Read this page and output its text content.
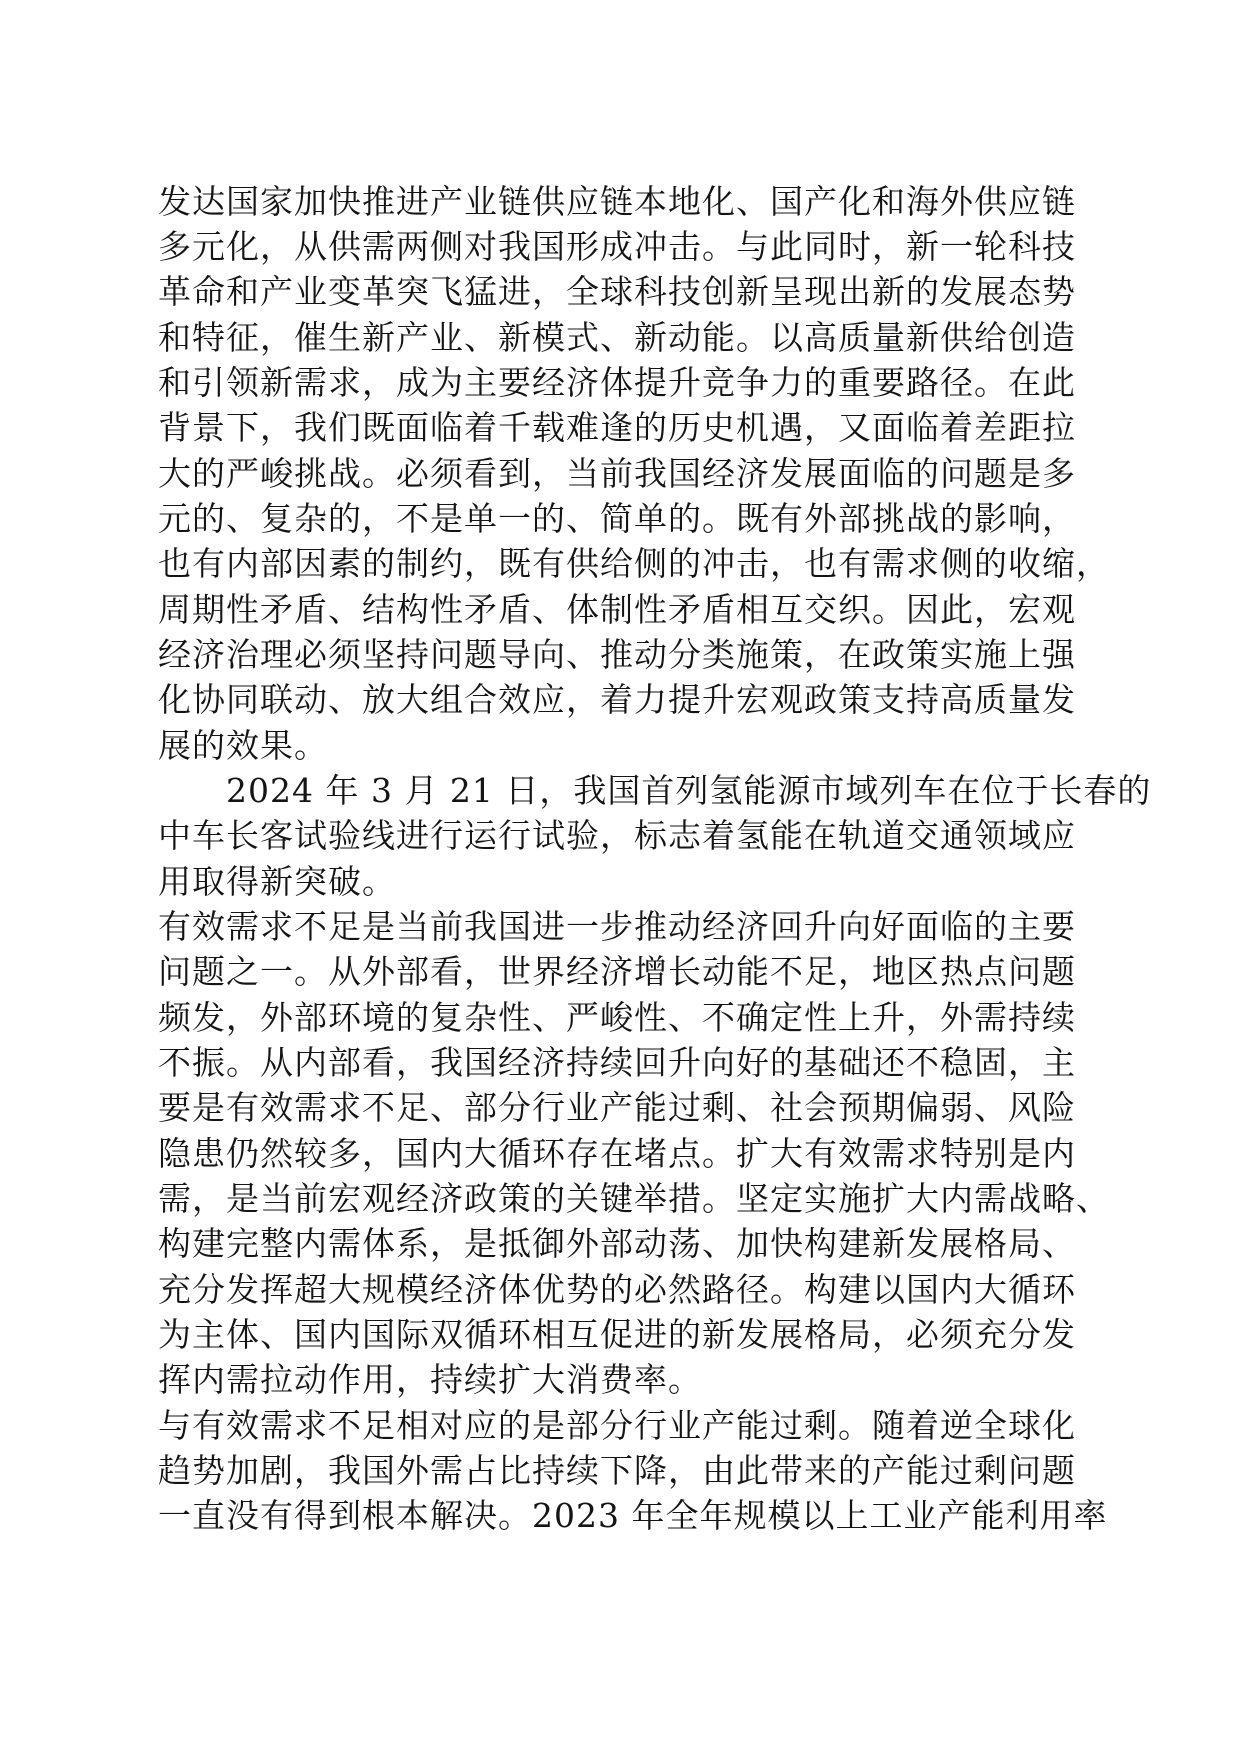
发达国家加快推进产业链供应链本地化、国产化和海外供应链
多元化，从供需两侧对我国形成冲击。与此同时，新一轮科技
革命和产业变革突飞猛进，全球科技创新呈现出新的发展态势
和特征，催生新产业、新模式、新动能。以高质量新供给创造
和引领新需求，成为主要经济体提升竞争力的重要路径。在此
背景下，我们既面临着千载难逢的历史机遇，又面临着差距拉
大的严峻挑战。必须看到，当前我国经济发展面临的问题是多
元的、复杂的，不是单一的、简单的。既有外部挑战的影响，
也有内部因素的制约，既有供给侧的冲击，也有需求侧的收缩，
周期性矛盾、结构性矛盾、体制性矛盾相互交织。因此，宏观
经济治理必须坚持问题导向、推动分类施策，在政策实施上强
化协同联动、放大组合效应，着力提升宏观政策支持高质量发
展的效果。
　　2024 年 3 月 21 日，我国首列氢能源市域列车在位于长春的
中车长客试验线进行运行试验，标志着氢能在轨道交通领域应
用取得新突破。
有效需求不足是当前我国进一步推动经济回升向好面临的主要
问题之一。从外部看，世界经济增长动能不足，地区热点问题
频发，外部环境的复杂性、严峻性、不确定性上升，外需持续
不振。从内部看，我国经济持续回升向好的基础还不稳固，主
要是有效需求不足、部分行业产能过剩、社会预期偏弱、风险
隐患仍然较多，国内大循环存在堵点。扩大有效需求特别是内
需，是当前宏观经济政策的关键举措。坚定实施扩大内需战略、
构建完整内需体系，是抵御外部动荡、加快构建新发展格局、
充分发挥超大规模经济体优势的必然路径。构建以国内大循环
为主体、国内国际双循环相互促进的新发展格局，必须充分发
挥内需拉动作用，持续扩大消费率。
与有效需求不足相对应的是部分行业产能过剩。随着逆全球化
趋势加剧，我国外需占比持续下降，由此带来的产能过剩问题
一直没有得到根本解决。2023 年全年规模以上工业产能利用率
